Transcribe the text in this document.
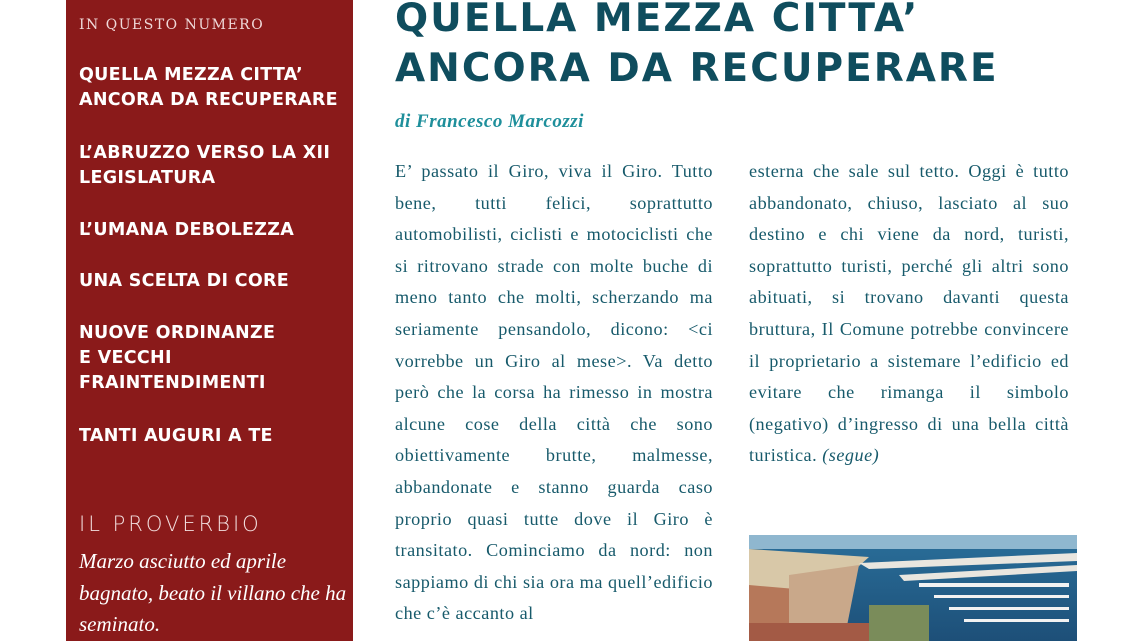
IN QUESTO NUMERO
QUELLA MEZZA CITTA’
ANCORA DA RECUPERARE
L’ABRUZZO VERSO LA XII
LEGISLATURA
L’UMANA DEBOLEZZA
UNA SCELTA DI CORE
NUOVE ORDINANZE
E VECCHI
FRAINTENDIMENTI
TANTI AUGURI A TE
IL PROVERBIO
Marzo asciutto ed aprile bagnato, beato il villano che ha seminato.
QUELLA MEZZA CITTA’
ANCORA DA RECUPERARE
di Francesco Marcozzi
E’ passato il Giro, viva il Giro. Tutto bene, tutti felici, soprattutto automobilisti, ciclisti e motociclisti che si ritrovano strade con molte buche di meno tanto che molti, scherzando ma seriamente pensandolo, dicono: <ci vorrebbe un Giro al mese>. Va detto però che la corsa ha rimesso in mostra alcune cose della città che sono obiettivamente brutte, malmesse, abbandonate e stanno guarda caso proprio quasi tutte dove il Giro è transitato. Cominciamo da nord: non sappiamo di chi sia ora ma quell’edificio che c’è accanto al
esterna che sale sul tetto. Oggi è tutto abbandonato, chiuso, lasciato al suo destino e chi viene da nord, turisti, soprattutto turisti, perché gli altri sono abituati, si trovano davanti questa bruttura, Il Comune potrebbe convincere il proprietario a sistemare l’edificio ed evitare che rimanga il simbolo (negativo) d’ingresso di una bella città turistica. (segue)
